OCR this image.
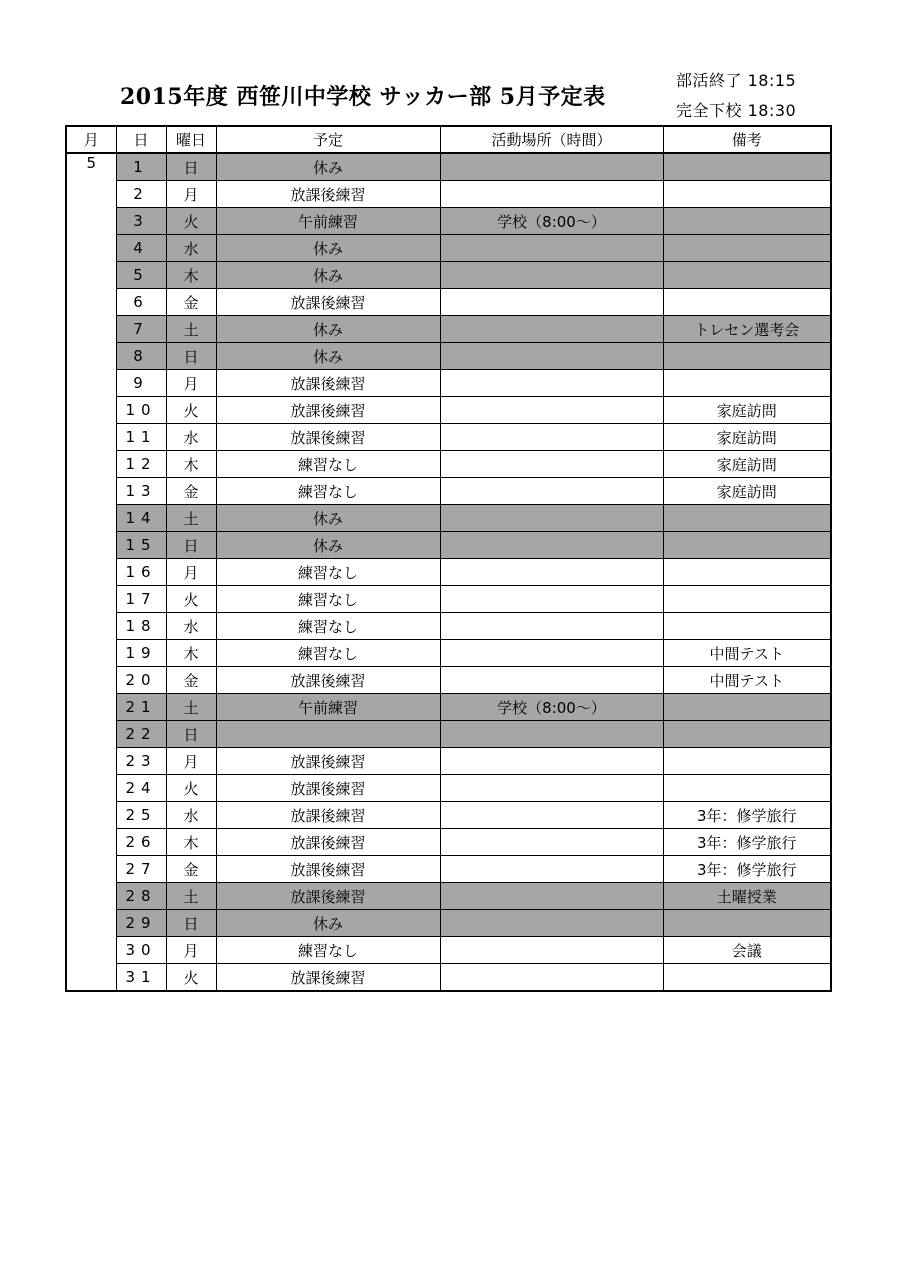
2015年度 西笹川中学校 サッカー部 5月予定表
部活終了 18:15
完全下校 18:30
月	日	曜日	予定	活動場所（時間）	備考
5	1	日	休み		
	2	月	放課後練習		
	3	火	午前練習	学校（8:00～）	
	4	水	休み		
	5	木	休み		
	6	金	放課後練習		
	7	土	休み		トレセン選考会
	8	日	休み		
	9	月	放課後練習		
	10	火	放課後練習		家庭訪問
	11	水	放課後練習		家庭訪問
	12	木	練習なし		家庭訪問
	13	金	練習なし		家庭訪問
	14	土	休み		
	15	日	休み		
	16	月	練習なし		
	17	火	練習なし		
	18	水	練習なし		
	19	木	練習なし		中間テスト
	20	金	放課後練習		中間テスト
	21	土	午前練習	学校（8:00～）	
	22	日			
	23	月	放課後練習		
	24	火	放課後練習		
	25	水	放課後練習		3年：修学旅行
	26	木	放課後練習		3年：修学旅行
	27	金	放課後練習		3年：修学旅行
	28	土	放課後練習		土曜授業
	29	日	休み		
	30	月	練習なし		会議
	31	火	放課後練習		
